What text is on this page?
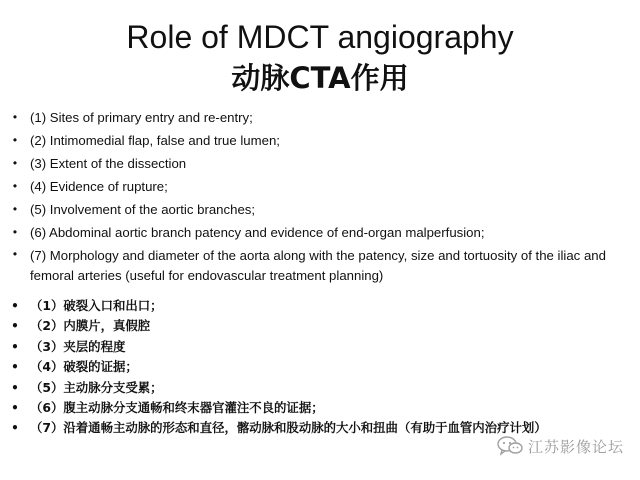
Role of MDCT angiography
动脉CTA作用
• (1) Sites of primary entry and re-entry;
• (2) Intimomedial flap, false and true lumen;
• (3) Extent of the dissection
• (4) Evidence of rupture;
• (5) Involvement of the aortic branches;
• (6) Abdominal aortic branch patency and evidence of end-organ malperfusion;
• (7) Morphology and diameter of the aorta along with the patency, size and tortuosity of the iliac and femoral arteries (useful for endovascular treatment planning)
• （1）破裂入口和出口；
• （2）内膜片，真假腔
• （3）夹层的程度
• （4）破裂的证据；
• （5）主动脉分支受累；
• （6）腹主动脉分支通畅和终末器官灌注不良的证据；
• （7）沿着通畅主动脉的形态和直径，髂动脉和股动脉的大小和扭曲（有助于血管内治疗计划）
江苏影像论坛
